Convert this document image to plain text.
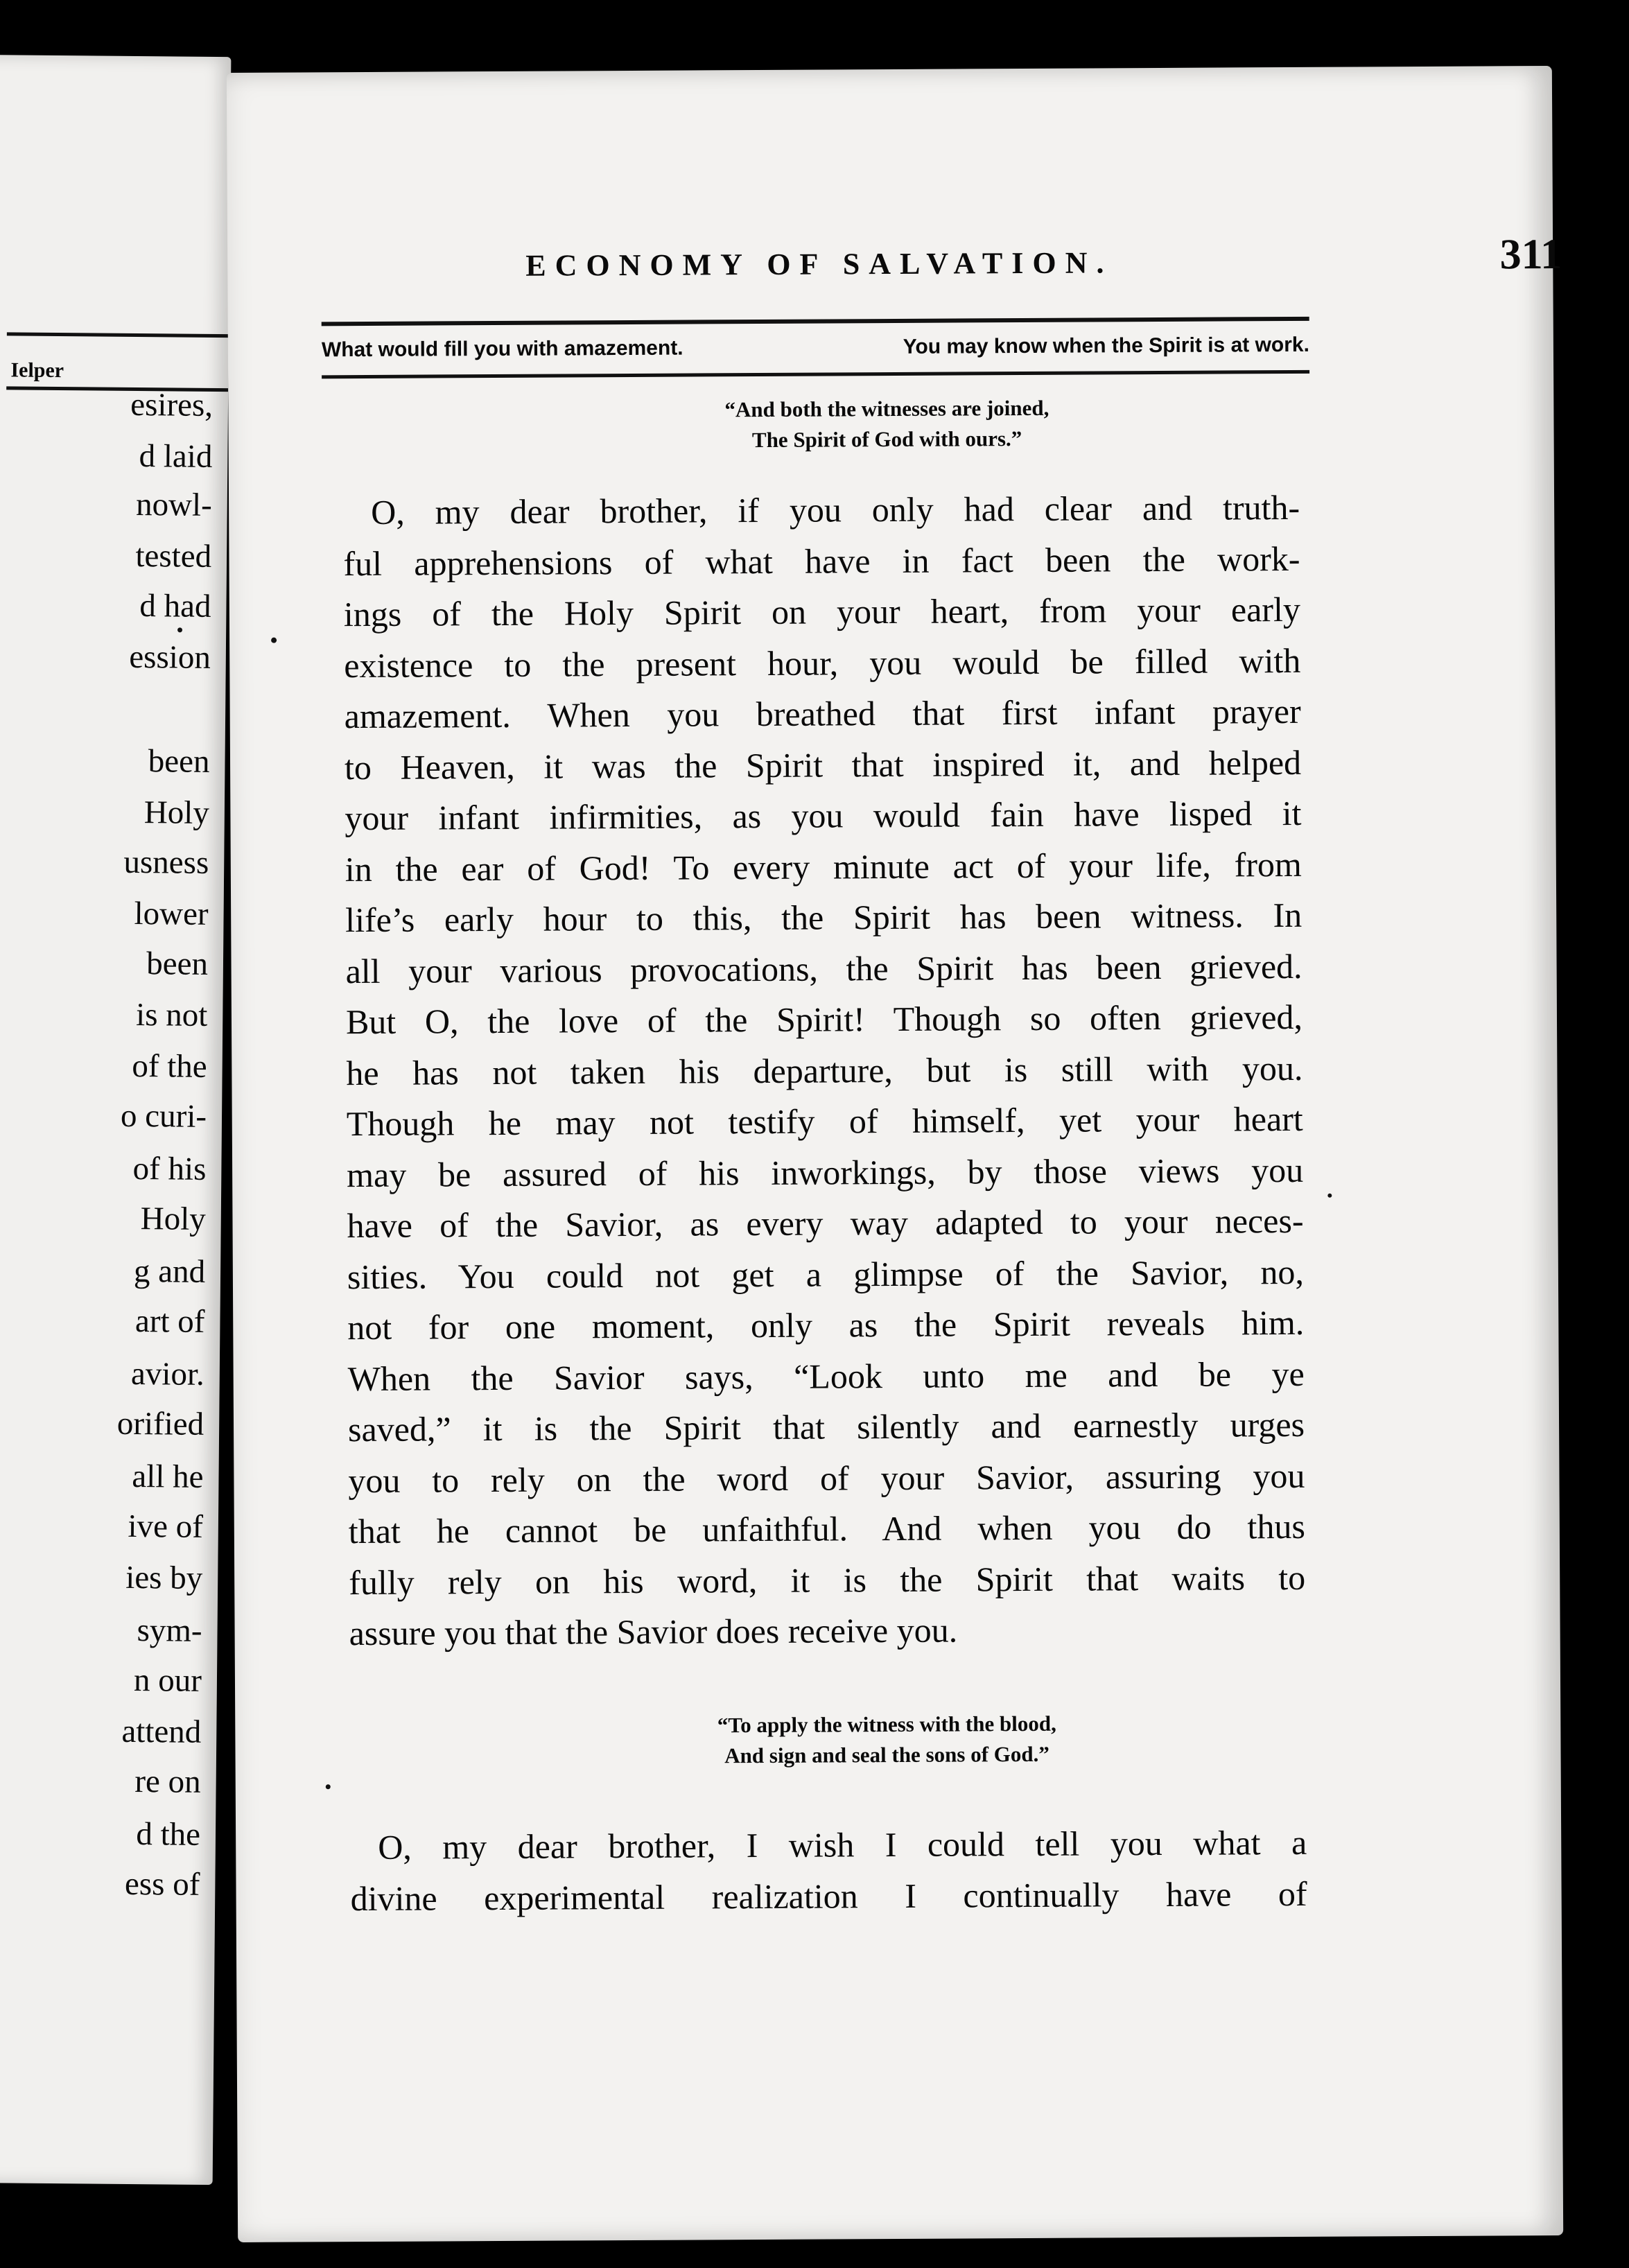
Ielper
esires,
d laid
nowl-
tested
d had
ession
been
Holy
usness
lower
been
is not
of the
o curi-
of his
Holy
g and
art of
avior.
orified
all he
ive of
ies by
sym-
n our
attend
re on
d the
ess of
ECONOMY OF SALVATION.	311
What would fill you with amazement.	You may know when the Spirit is at work.

“And both the witnesses are joined,

The Spirit of God with ours.”

O, my dear brother, if you only had clear and truth-

ful apprehensions of what have in fact been the work-

ings of the Holy Spirit on your heart, from your early

existence to the present hour, you would be filled with

amazement. When you breathed that first infant prayer

to Heaven, it was the Spirit that inspired it, and helped

your infant infirmities, as you would fain have lisped it

in the ear of God! To every minute act of your life, from

life’s early hour to this, the Spirit has been witness. In

all your various provocations, the Spirit has been grieved.

But O, the love of the Spirit! Though so often grieved,

he has not taken his departure, but is still with you.

Though he may not testify of himself, yet your heart

may be assured of his inworkings, by those views you

have of the Savior, as every way adapted to your neces-

sities. You could not get a glimpse of the Savior, no,

not for one moment, only as the Spirit reveals him.

When the Savior says, “Look unto me and be ye

saved,” it is the Spirit that silently and earnestly urges

you to rely on the word of your Savior, assuring you

that he cannot be unfaithful. And when you do thus

fully rely on his word, it is the Spirit that waits to

assure you that the Savior does receive you.

“To apply the witness with the blood,

And sign and seal the sons of God.”

O, my dear brother, I wish I could tell you what a

divine experimental realization I continually have of
